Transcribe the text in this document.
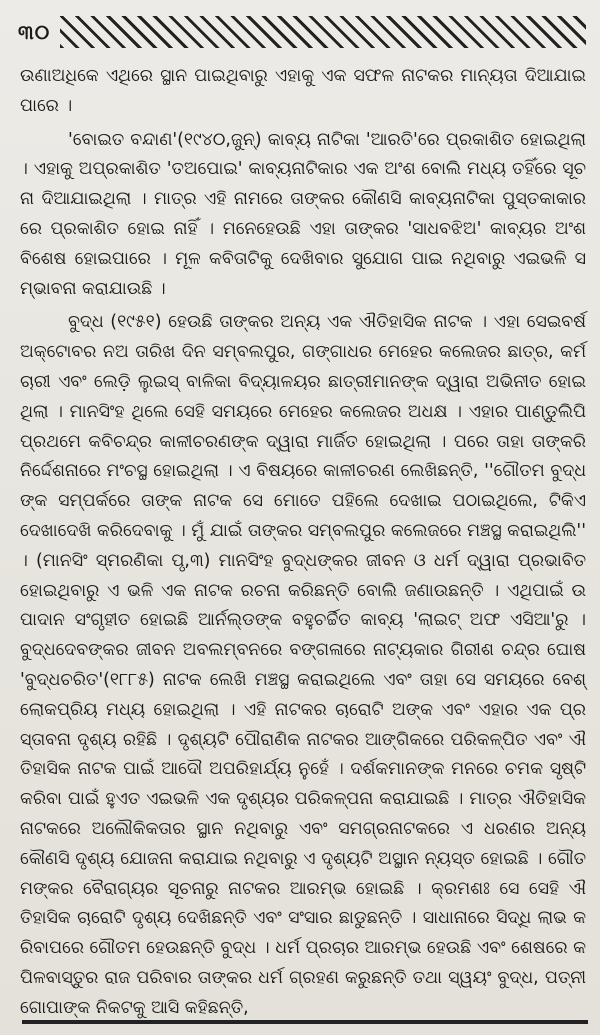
୩୦

ଉଣାଅଧିକେ ଏଥିରେ ସ୍ଥାନ ପାଇଥିବାରୁ ଏହାକୁ ଏକ ସଫଳ ନାଟକର ମାନ୍ୟତା ଦିଆଯାଇପାରେ ।

'ବୋଇତ ବନ୍ଦାଣ'(୧୯୪୦,ଜୁନ୍) କାବ୍ୟ ନାଟିକା 'ଆରତି'ରେ ପ୍ରକାଶିତ ହୋଇଥିଲା । ଏହାକୁ ଅପ୍ରକାଶିତ 'ତଅପୋଇ' କାବ୍ୟନାଟିକାର ଏକ ଅଂଶ ବୋଲି ମଧ୍ୟ ତହିଁରେ ସୂଚନା ଦିଆଯାଇଥିଲା । ମାତ୍ର ଏହି ନାମରେ ତାଙ୍କର କୌଣସି କାବ୍ୟନାଟିକା ପୁସ୍ତକାକାରରେ ପ୍ରକାଶିତ ହୋଇ ନାହିଁ । ମନେହେଉଛି ଏହା ତାଙ୍କର 'ସାଧବଝିଅ' କାବ୍ୟର ଅଂଶ ବିଶେଷ ହୋଇପାରେ । ମୂଳ କବିତାଟିକୁ ଦେଖିବାର ସୁଯୋଗ ପାଇ ନଥିବାରୁ ଏଇଭଳି ସମ୍ଭାବନା କରାଯାଉଛି ।

ବୁଦ୍ଧ (୧୯୫୧) ହେଉଛି ତାଙ୍କର ଅନ୍ୟ ଏକ ଐତିହାସିକ ନାଟକ । ଏହା ସେଇବର୍ଷ ଅକ୍ଟୋବର ନଅ ତାରିଖ ଦିନ ସମ୍ବଲପୁର, ଗଙ୍ଗାଧର ମେହେର କଲେଜର ଛାତ୍ର, କର୍ମଚାରୀ ଏବଂ ଲେଡ଼ି ଲୁଇସ୍ ବାଳିକା ବିଦ୍ୟାଳୟର ଛାତ୍ରୀମାନଙ୍କ ଦ୍ୱାରା ଅଭିନୀତ ହୋଇଥିଲା । ମାନସିଂହ ଥିଲେ ସେହି ସମୟରେ ମେହେର କଲେଜର ଅଧକ୍ଷ । ଏହାର ପାଣ୍ଡୁଲିପି ପ୍ରଥମେ କବିଚନ୍ଦ୍ର କାଳୀଚରଣଙ୍କ ଦ୍ୱାରା ମାର୍ଜିତ ହୋଇଥିଲା । ପରେ ତାହା ତାଙ୍କରି ନିର୍ଦ୍ଦେଶନାରେ ମଂଚସ୍ଥ ହୋଇଥିଲା । ଏ ବିଷୟରେ କାଳୀଚରଣ ଲେଖିଛନ୍ତି, ''ଗୌତମ ବୁଦ୍ଧଙ୍କ ସମ୍ପର୍କରେ ତାଙ୍କ ନାଟକ ସେ ମୋତେ ପହିଲେ ଦେଖାଇ ପଠାଇଥିଲେ, ଟିକିଏ ଦେଖାଦେଖି କରିଦେବାକୁ । ମୁଁ ଯାଇଁ ତାଙ୍କର ସମ୍ବଲପୁର କଲେଜରେ ମଞ୍ଚସ୍ଥ କରାଇଥିଲି'' । (ମାନସିଂ ସ୍ମରଣିକା ପୃ,୩) ମାନସିଂହ ବୁଦ୍ଧଙ୍କର ଜୀବନ ଓ ଧର୍ମ ଦ୍ୱାରା ପ୍ରଭାବିତ ହୋଇଥିବାରୁ ଏ ଭଳି ଏକ ନାଟକ ରଚନା କରିଛନ୍ତି ବୋଲି ଜଣାଉଛନ୍ତି । ଏଥିପାଇଁ ଉପାଦାନ ସଂଗୃହୀତ ହୋଇଛି ଆର୍ନଲ୍ଡଙ୍କ ବହୁଚର୍ଚ୍ଚିତ କାବ୍ୟ 'ଲାଇଟ୍ ଅଫ ଏସିଆ'ରୁ । ବୁଦ୍ଧଦେବଙ୍କର ଜୀବନ ଅବଲମ୍ବନରେ ବଙ୍ଗଳାରେ ନାଟ୍ୟକାର ଗିରୀଶ ଚନ୍ଦ୍ର ଘୋଷ 'ବୁଦ୍ଧଚରିତ'(୧୮୮୫) ନାଟକ ଲେଖି ମଞ୍ଚସ୍ଥ କରାଇଥିଲେ ଏବଂ ତାହା ସେ ସମୟରେ ବେଶ୍ ଲୋକପ୍ରିୟ ମଧ୍ୟ ହୋଇଥିଲା । ଏହି ନାଟକର ଚାରୋଟି ଅଙ୍କ ଏବଂ ଏହାର ଏକ ପ୍ରସ୍ତାବନା ଦୃଶ୍ୟ ରହିଛି । ଦୃଶ୍ୟଟି ପୌରାଣିକ ନାଟକର ଆଙ୍ଗିକରେ ପରିକଳ୍ପିତ ଏବଂ ଐତିହାସିକ ନାଟକ ପାଇଁ ଆଦୌ ଅପରିହାର୍ଯ୍ୟ ନୁହେଁ । ଦର୍ଶକମାନଙ୍କ ମନରେ ଚମକ ସୃଷ୍ଟି କରିବା ପାଇଁ ହୁଏତ ଏଇଭଳି ଏକ ଦୃଶ୍ୟର ପରିକଳ୍ପନା କରାଯାଇଛି । ମାତ୍ର ଐତିହାସିକ ନାଟକରେ ଅଲୌକିକତାର ସ୍ଥାନ ନଥିବାରୁ ଏବଂ ସମଗ୍ରନାଟକରେ ଏ ଧରଣର ଅନ୍ୟ କୌଣସି ଦୃଶ୍ୟ ଯୋଜନା କରାଯାଇ ନଥିବାରୁ ଏ ଦୃଶ୍ୟଟି ଅସ୍ଥାନ ନ୍ୟସ୍ତ ହୋଇଛି । ଗୌତମଙ୍କର ବୈରାଗ୍ୟର ସୂଚନାରୁ ନାଟକର ଆରମ୍ଭ ହୋଇଛି । କ୍ରମଶଃ ସେ ସେହି ଐତିହାସିକ ଚାରୋଟି ଦୃଶ୍ୟ ଦେଖିଛନ୍ତି ଏବଂ ସଂସାର ଛାଡୁଛନ୍ତି । ସାଧାନାରେ ସିଦ୍ଧି ଲାଭ କରିବାପରେ ଗୌତମ ହେଉଛନ୍ତି ବୁଦ୍ଧ । ଧର୍ମ ପ୍ରଚାର ଆରମ୍ଭ ହେଉଛି ଏବଂ ଶେଷରେ କପିଳବାସ୍ତୁର ରାଜ ପରିବାର ତାଙ୍କର ଧର୍ମ ଗ୍ରହଣ କରୁଛନ୍ତି ତଥା ସ୍ୱୟଂ ବୁଦ୍ଧ, ପତ୍ନୀ ଗୋପାଙ୍କ ନିକଟକୁ ଆସି କହିଛନ୍ତି,
